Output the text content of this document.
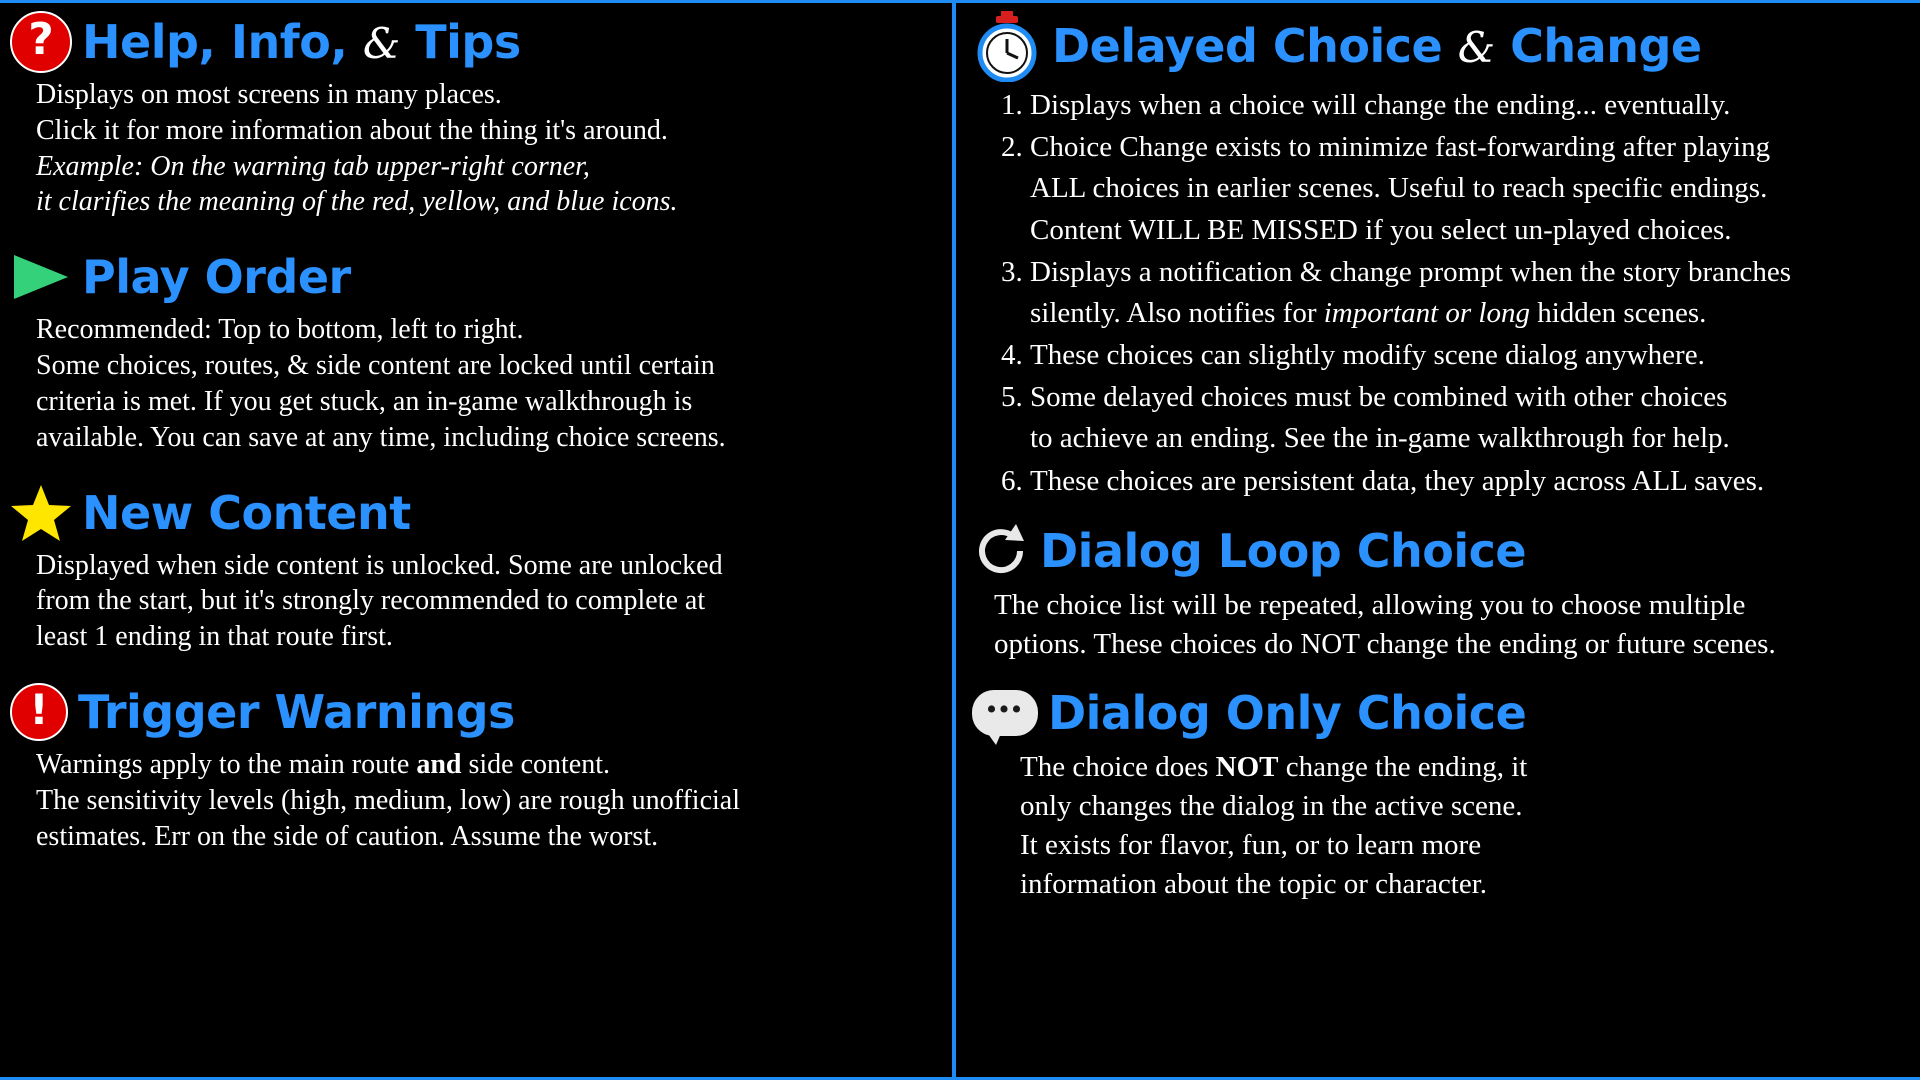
? Help, Info, & Tips
Displays on most screens in many places.
Click it for more information about the thing it's around.
Example: On the warning tab upper-right corner,
it clarifies the meaning of the red, yellow, and blue icons.
Play Order
Recommended: Top to bottom, left to right.
Some choices, routes, & side content are locked until certain
criteria is met. If you get stuck, an in-game walkthrough is
available. You can save at any time, including choice screens.
New Content
Displayed when side content is unlocked. Some are unlocked
from the start, but it's strongly recommended to complete at
least 1 ending in that route first.
! Trigger Warnings
Warnings apply to the main route and side content.
The sensitivity levels (high, medium, low) are rough unofficial
estimates. Err on the side of caution. Assume the worst.
Delayed Choice & Change
1. Displays when a choice will change the ending... eventually.
2. Choice Change exists to minimize fast-forwarding after playing
ALL choices in earlier scenes. Useful to reach specific endings.
Content WILL BE MISSED if you select un-played choices.
3. Displays a notification & change prompt when the story branches
silently. Also notifies for important or long hidden scenes.
4. These choices can slightly modify scene dialog anywhere.
5. Some delayed choices must be combined with other choices
to achieve an ending. See the in-game walkthrough for help.
6. These choices are persistent data, they apply across ALL saves.
Dialog Loop Choice
The choice list will be repeated, allowing you to choose multiple
options. These choices do NOT change the ending or future scenes.
••• Dialog Only Choice
The choice does NOT change the ending, it
only changes the dialog in the active scene.
It exists for flavor, fun, or to learn more
information about the topic or character.
